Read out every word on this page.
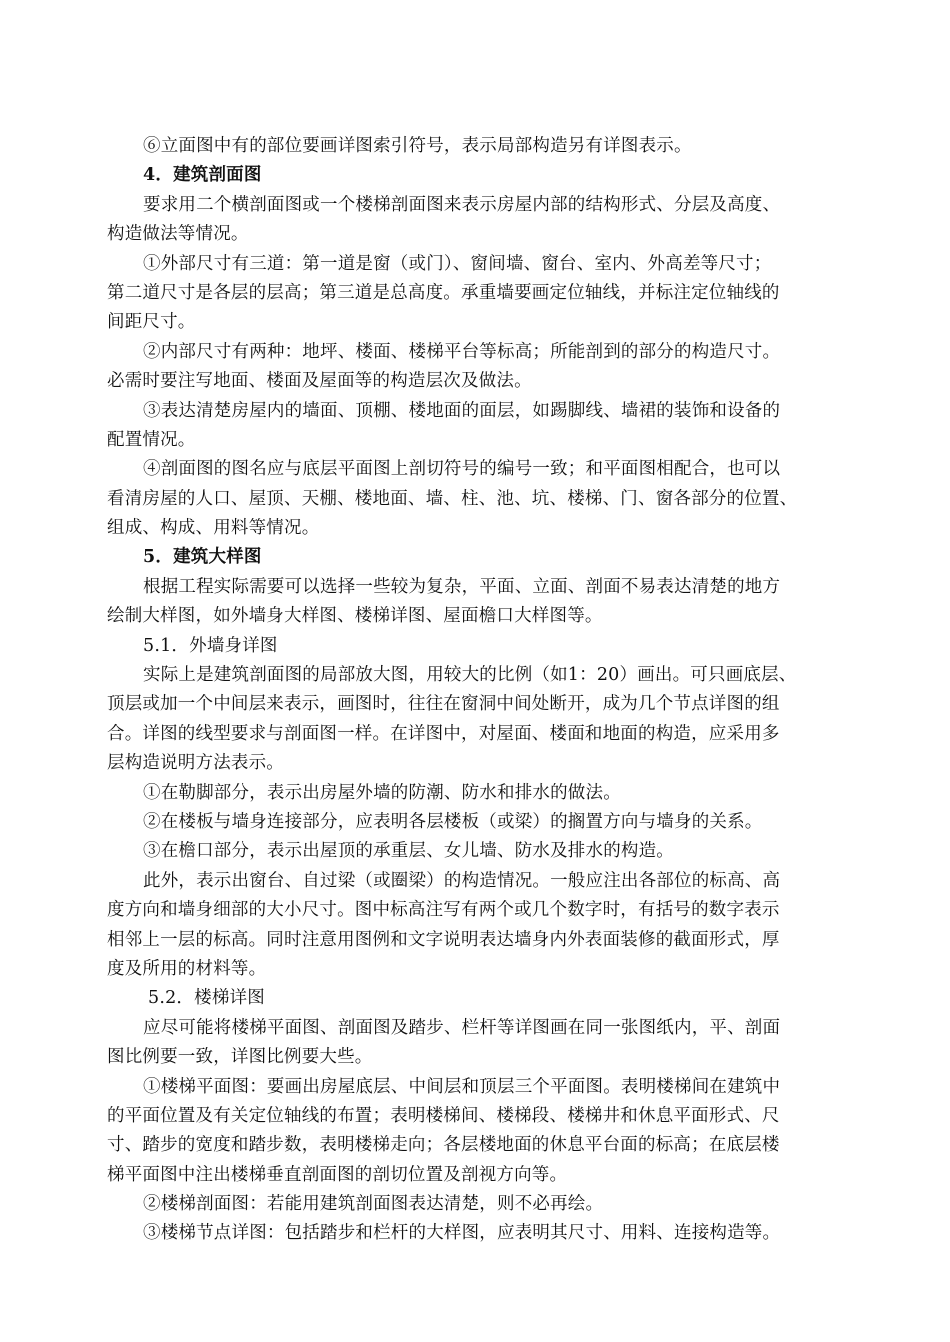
⑥立面图中有的部位要画详图索引符号，表示局部构造另有详图表示。
4．建筑剖面图
要求用二个横剖面图或一个楼梯剖面图来表示房屋内部的结构形式、分层及高度、
构造做法等情况。
①外部尺寸有三道：第一道是窗（或门）、窗间墙、窗台、室内、外高差等尺寸；
第二道尺寸是各层的层高；第三道是总高度。承重墙要画定位轴线，并标注定位轴线的
间距尺寸。
②内部尺寸有两种：地坪、楼面、楼梯平台等标高；所能剖到的部分的构造尺寸。
必需时要注写地面、楼面及屋面等的构造层次及做法。
③表达清楚房屋内的墙面、顶棚、楼地面的面层，如踢脚线、墙裙的装饰和设备的
配置情况。
④剖面图的图名应与底层平面图上剖切符号的编号一致；和平面图相配合，也可以
看清房屋的人口、屋顶、天棚、楼地面、墙、柱、池、坑、楼梯、门、窗各部分的位置、
组成、构成、用料等情况。
5．建筑大样图
根据工程实际需要可以选择一些较为复杂，平面、立面、剖面不易表达清楚的地方
绘制大样图，如外墙身大样图、楼梯详图、屋面檐口大样图等。
5.1．外墙身详图
实际上是建筑剖面图的局部放大图，用较大的比例（如1：20）画出。可只画底层、
顶层或加一个中间层来表示，画图时，往往在窗洞中间处断开，成为几个节点详图的组
合。详图的线型要求与剖面图一样。在详图中，对屋面、楼面和地面的构造，应采用多
层构造说明方法表示。
①在勒脚部分，表示出房屋外墙的防潮、防水和排水的做法。
②在楼板与墙身连接部分，应表明各层楼板（或梁）的搁置方向与墙身的关系。
③在檐口部分，表示出屋顶的承重层、女儿墙、防水及排水的构造。
此外，表示出窗台、自过梁（或圈梁）的构造情况。一般应注出各部位的标高、高
度方向和墙身细部的大小尺寸。图中标高注写有两个或几个数字时，有括号的数字表示
相邻上一层的标高。同时注意用图例和文字说明表达墙身内外表面装修的截面形式，厚
度及所用的材料等。
5.2．楼梯详图
应尽可能将楼梯平面图、剖面图及踏步、栏杆等详图画在同一张图纸内，平、剖面
图比例要一致，详图比例要大些。
①楼梯平面图：要画出房屋底层、中间层和顶层三个平面图。表明楼梯间在建筑中
的平面位置及有关定位轴线的布置；表明楼梯间、楼梯段、楼梯井和休息平面形式、尺
寸、踏步的宽度和踏步数，表明楼梯走向；各层楼地面的休息平台面的标高；在底层楼
梯平面图中注出楼梯垂直剖面图的剖切位置及剖视方向等。
②楼梯剖面图：若能用建筑剖面图表达清楚，则不必再绘。
③楼梯节点详图：包括踏步和栏杆的大样图，应表明其尺寸、用料、连接构造等。
